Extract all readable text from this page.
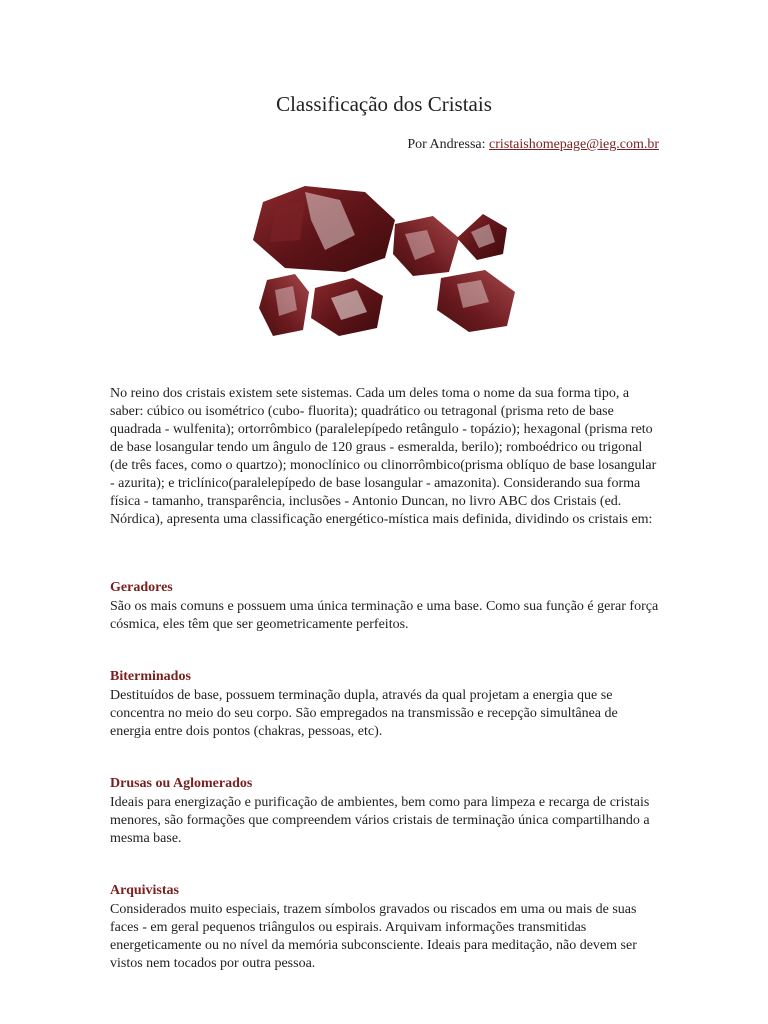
Classificação dos Cristais
Por Andressa: cristaishomepage@ieg.com.br
No reino dos cristais existem sete sistemas. Cada um deles toma o nome da sua forma tipo, a saber: cúbico ou isométrico (cubo- fluorita); quadrático ou tetragonal (prisma reto de base quadrada - wulfenita); ortorrômbico (paralelepípedo retângulo - topázio); hexagonal (prisma reto de base losangular tendo um ângulo de 120 graus - esmeralda, berilo); romboédrico ou trigonal (de três faces, como o quartzo); monoclínico ou clinorrômbico(prisma oblíquo de base losangular - azurita); e triclínico(paralelepípedo de base losangular - amazonita). Considerando sua forma física - tamanho, transparência, inclusões - Antonio Duncan, no livro ABC dos Cristais (ed. Nórdica), apresenta uma classificação energético-mística mais definida, dividindo os cristais em:
Geradores
São os mais comuns e possuem uma única terminação e uma base. Como sua função é gerar força cósmica, eles têm que ser geometricamente perfeitos.
Biterminados
Destituídos de base, possuem terminação dupla, através da qual projetam a energia que se concentra no meio do seu corpo. São empregados na transmissão e recepção simultânea de energia entre dois pontos (chakras, pessoas, etc).
Drusas ou Aglomerados
Ideais para energização e purificação de ambientes, bem como para limpeza e recarga de cristais menores, são formações que compreendem vários cristais de terminação única compartilhando a mesma base.
Arquivistas
Considerados muito especiais, trazem símbolos gravados ou riscados em uma ou mais de suas faces - em geral pequenos triângulos ou espirais. Arquivam informações transmitidas energeticamente ou no nível da memória subconsciente. Ideais para meditação, não devem ser vistos nem tocados por outra pessoa.
